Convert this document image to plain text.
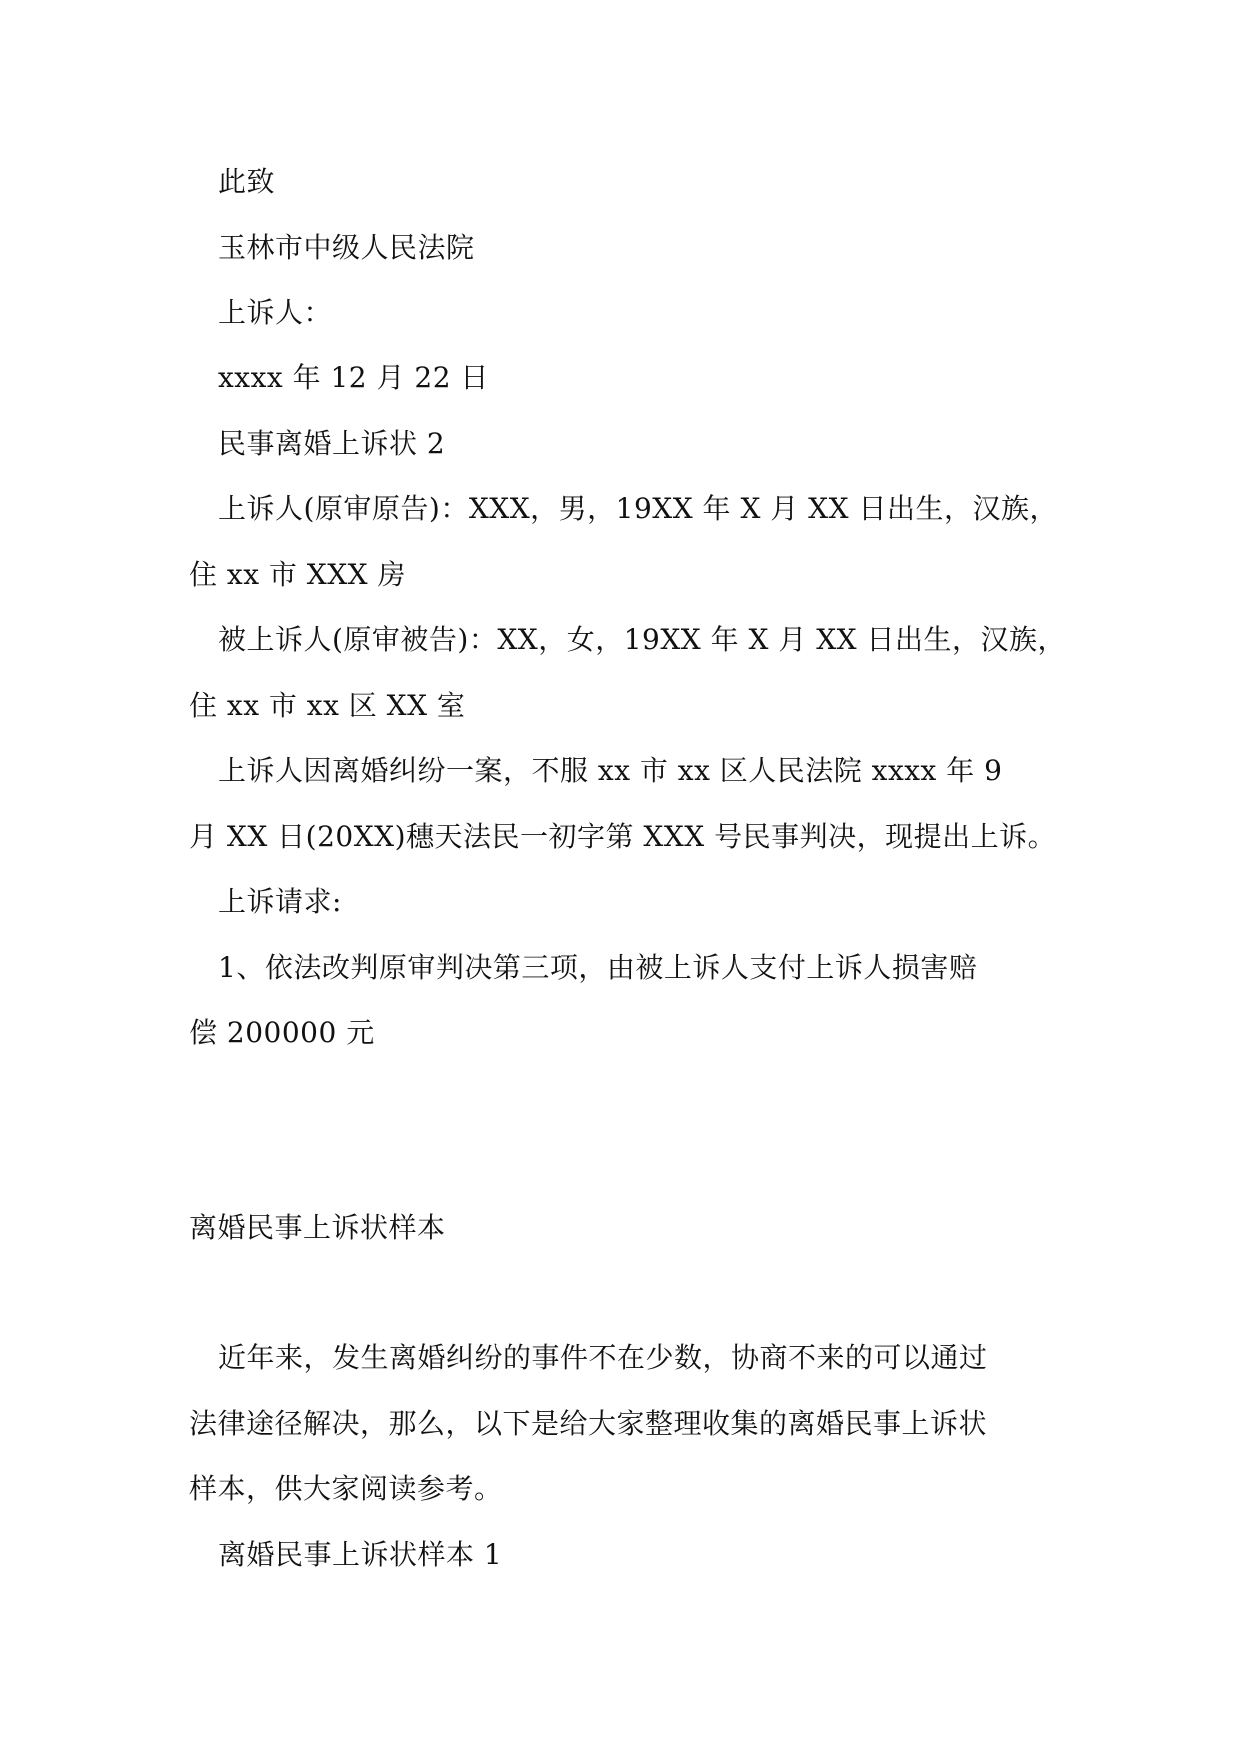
此致
玉林市中级人民法院
上诉人：
xxxx 年 12 月 22 日
民事离婚上诉状 2
上诉人(原审原告)：XXX，男，19XX 年 X 月 XX 日出生，汉族，
住 xx 市 XXX 房
被上诉人(原审被告)：XX，女，19XX 年 X 月 XX 日出生，汉族，
住 xx 市 xx 区 XX 室
上诉人因离婚纠纷一案，不服 xx 市 xx 区人民法院 xxxx 年 9
月 XX 日(20XX)穗天法民一初字第 XXX 号民事判决，现提出上诉。
上诉请求:
1、依法改判原审判决第三项，由被上诉人支付上诉人损害赔
偿 200000 元
离婚民事上诉状样本
近年来，发生离婚纠纷的事件不在少数，协商不来的可以通过
法律途径解决，那么，以下是给大家整理收集的离婚民事上诉状
样本，供大家阅读参考。
离婚民事上诉状样本 1
